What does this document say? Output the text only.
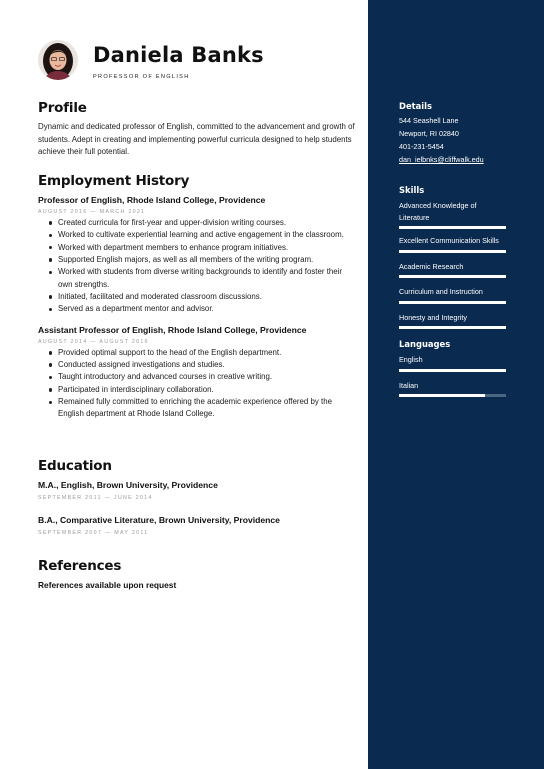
Daniela Banks
PROFESSOR OF ENGLISH
Profile
Dynamic and dedicated professor of English, committed to the advancement and growth of students. Adept in creating and implementing powerful curricula designed to help students achieve their full potential.
Employment History
Professor of English, Rhode Island College, Providence
AUGUST 2016 — MARCH 2021
Created curricula for first-year and upper-division writing courses.
Worked to cultivate experiential learning and active engagement in the classroom.
Worked with department members to enhance program initiatives.
Supported English majors, as well as all members of the writing program.
Worked with students from diverse writing backgrounds to identify and foster their own strengths.
Initiated, facilitated and moderated classroom discussions.
Served as a department mentor and advisor.
Assistant Professor of English, Rhode Island College, Providence
AUGUST 2014 — AUGUST 2016
Provided optimal support to the head of the English department.
Conducted assigned investigations and studies.
Taught introductory and advanced courses in creative writing.
Participated in interdisciplinary collaboration.
Remained fully committed to enriching the academic experience offered by the English department at Rhode Island College.
Education
M.A., English, Brown University, Providence
SEPTEMBER 2011 — JUNE 2014
B.A., Comparative Literature, Brown University, Providence
SEPTEMBER 2007 — MAY 2011
References
References available upon request
Details
544 Seashell Lane
Newport, RI 02840
401-231-5454
dan_ielbnks@cliffwalk.edu
Skills
Advanced Knowledge of Literature
Excellent Communication Skills
Academic Research
Curriculum and Instruction
Honesty and Integrity
Languages
English
Italian
